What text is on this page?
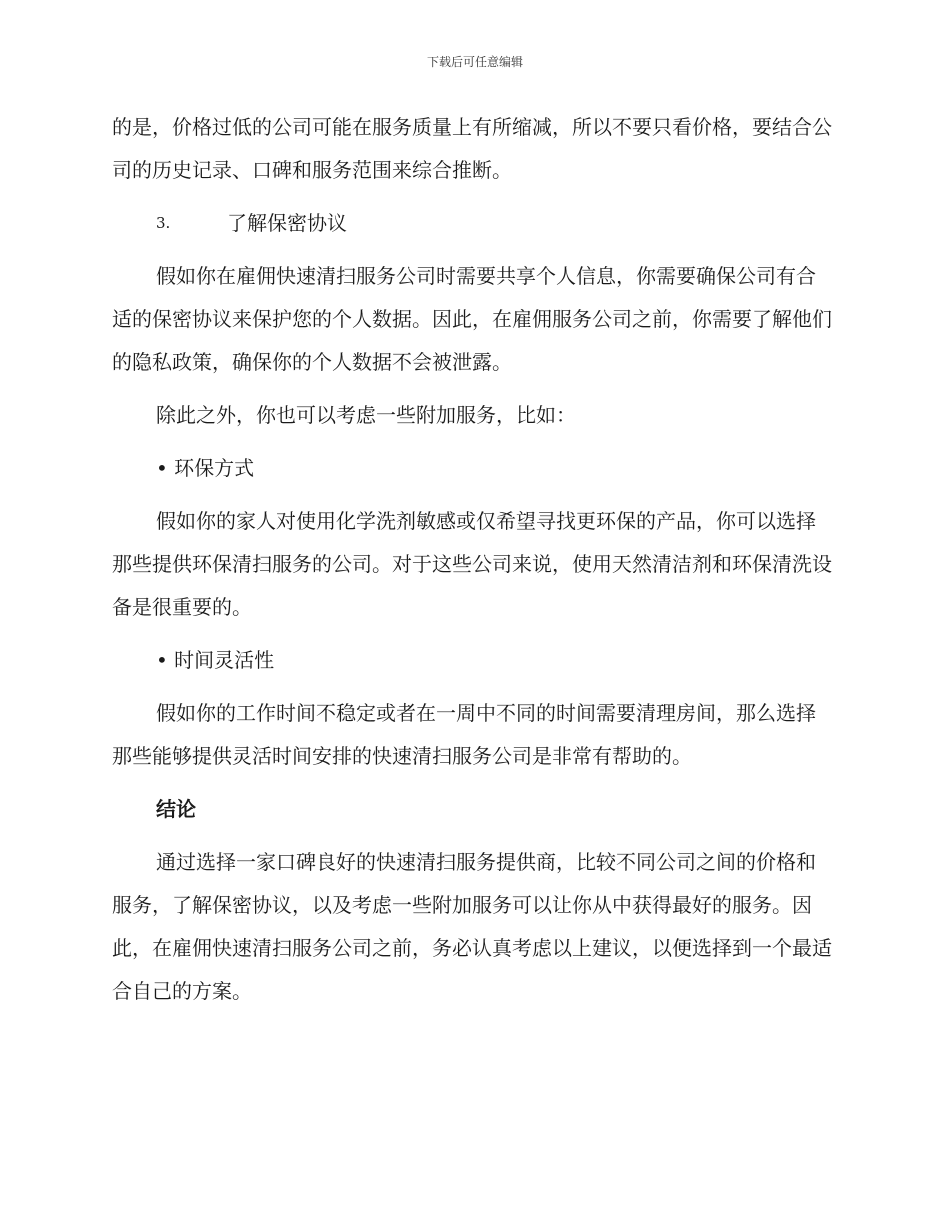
下载后可任意编辑

的是，价格过低的公司可能在服务质量上有所缩减，所以不要只看价格，要结合公司的历史记录、口碑和服务范围来综合推断。

3.	了解保密协议

假如你在雇佣快速清扫服务公司时需要共享个人信息，你需要确保公司有合适的保密协议来保护您的个人数据。因此，在雇佣服务公司之前，你需要了解他们的隐私政策，确保你的个人数据不会被泄露。

除此之外，你也可以考虑一些附加服务，比如：

• 环保方式

假如你的家人对使用化学洗剂敏感或仅希望寻找更环保的产品，你可以选择那些提供环保清扫服务的公司。对于这些公司来说，使用天然清洁剂和环保清洗设备是很重要的。

• 时间灵活性

假如你的工作时间不稳定或者在一周中不同的时间需要清理房间，那么选择那些能够提供灵活时间安排的快速清扫服务公司是非常有帮助的。

结论

通过选择一家口碑良好的快速清扫服务提供商，比较不同公司之间的价格和服务，了解保密协议，以及考虑一些附加服务可以让你从中获得最好的服务。因此，在雇佣快速清扫服务公司之前，务必认真考虑以上建议，以便选择到一个最适合自己的方案。
